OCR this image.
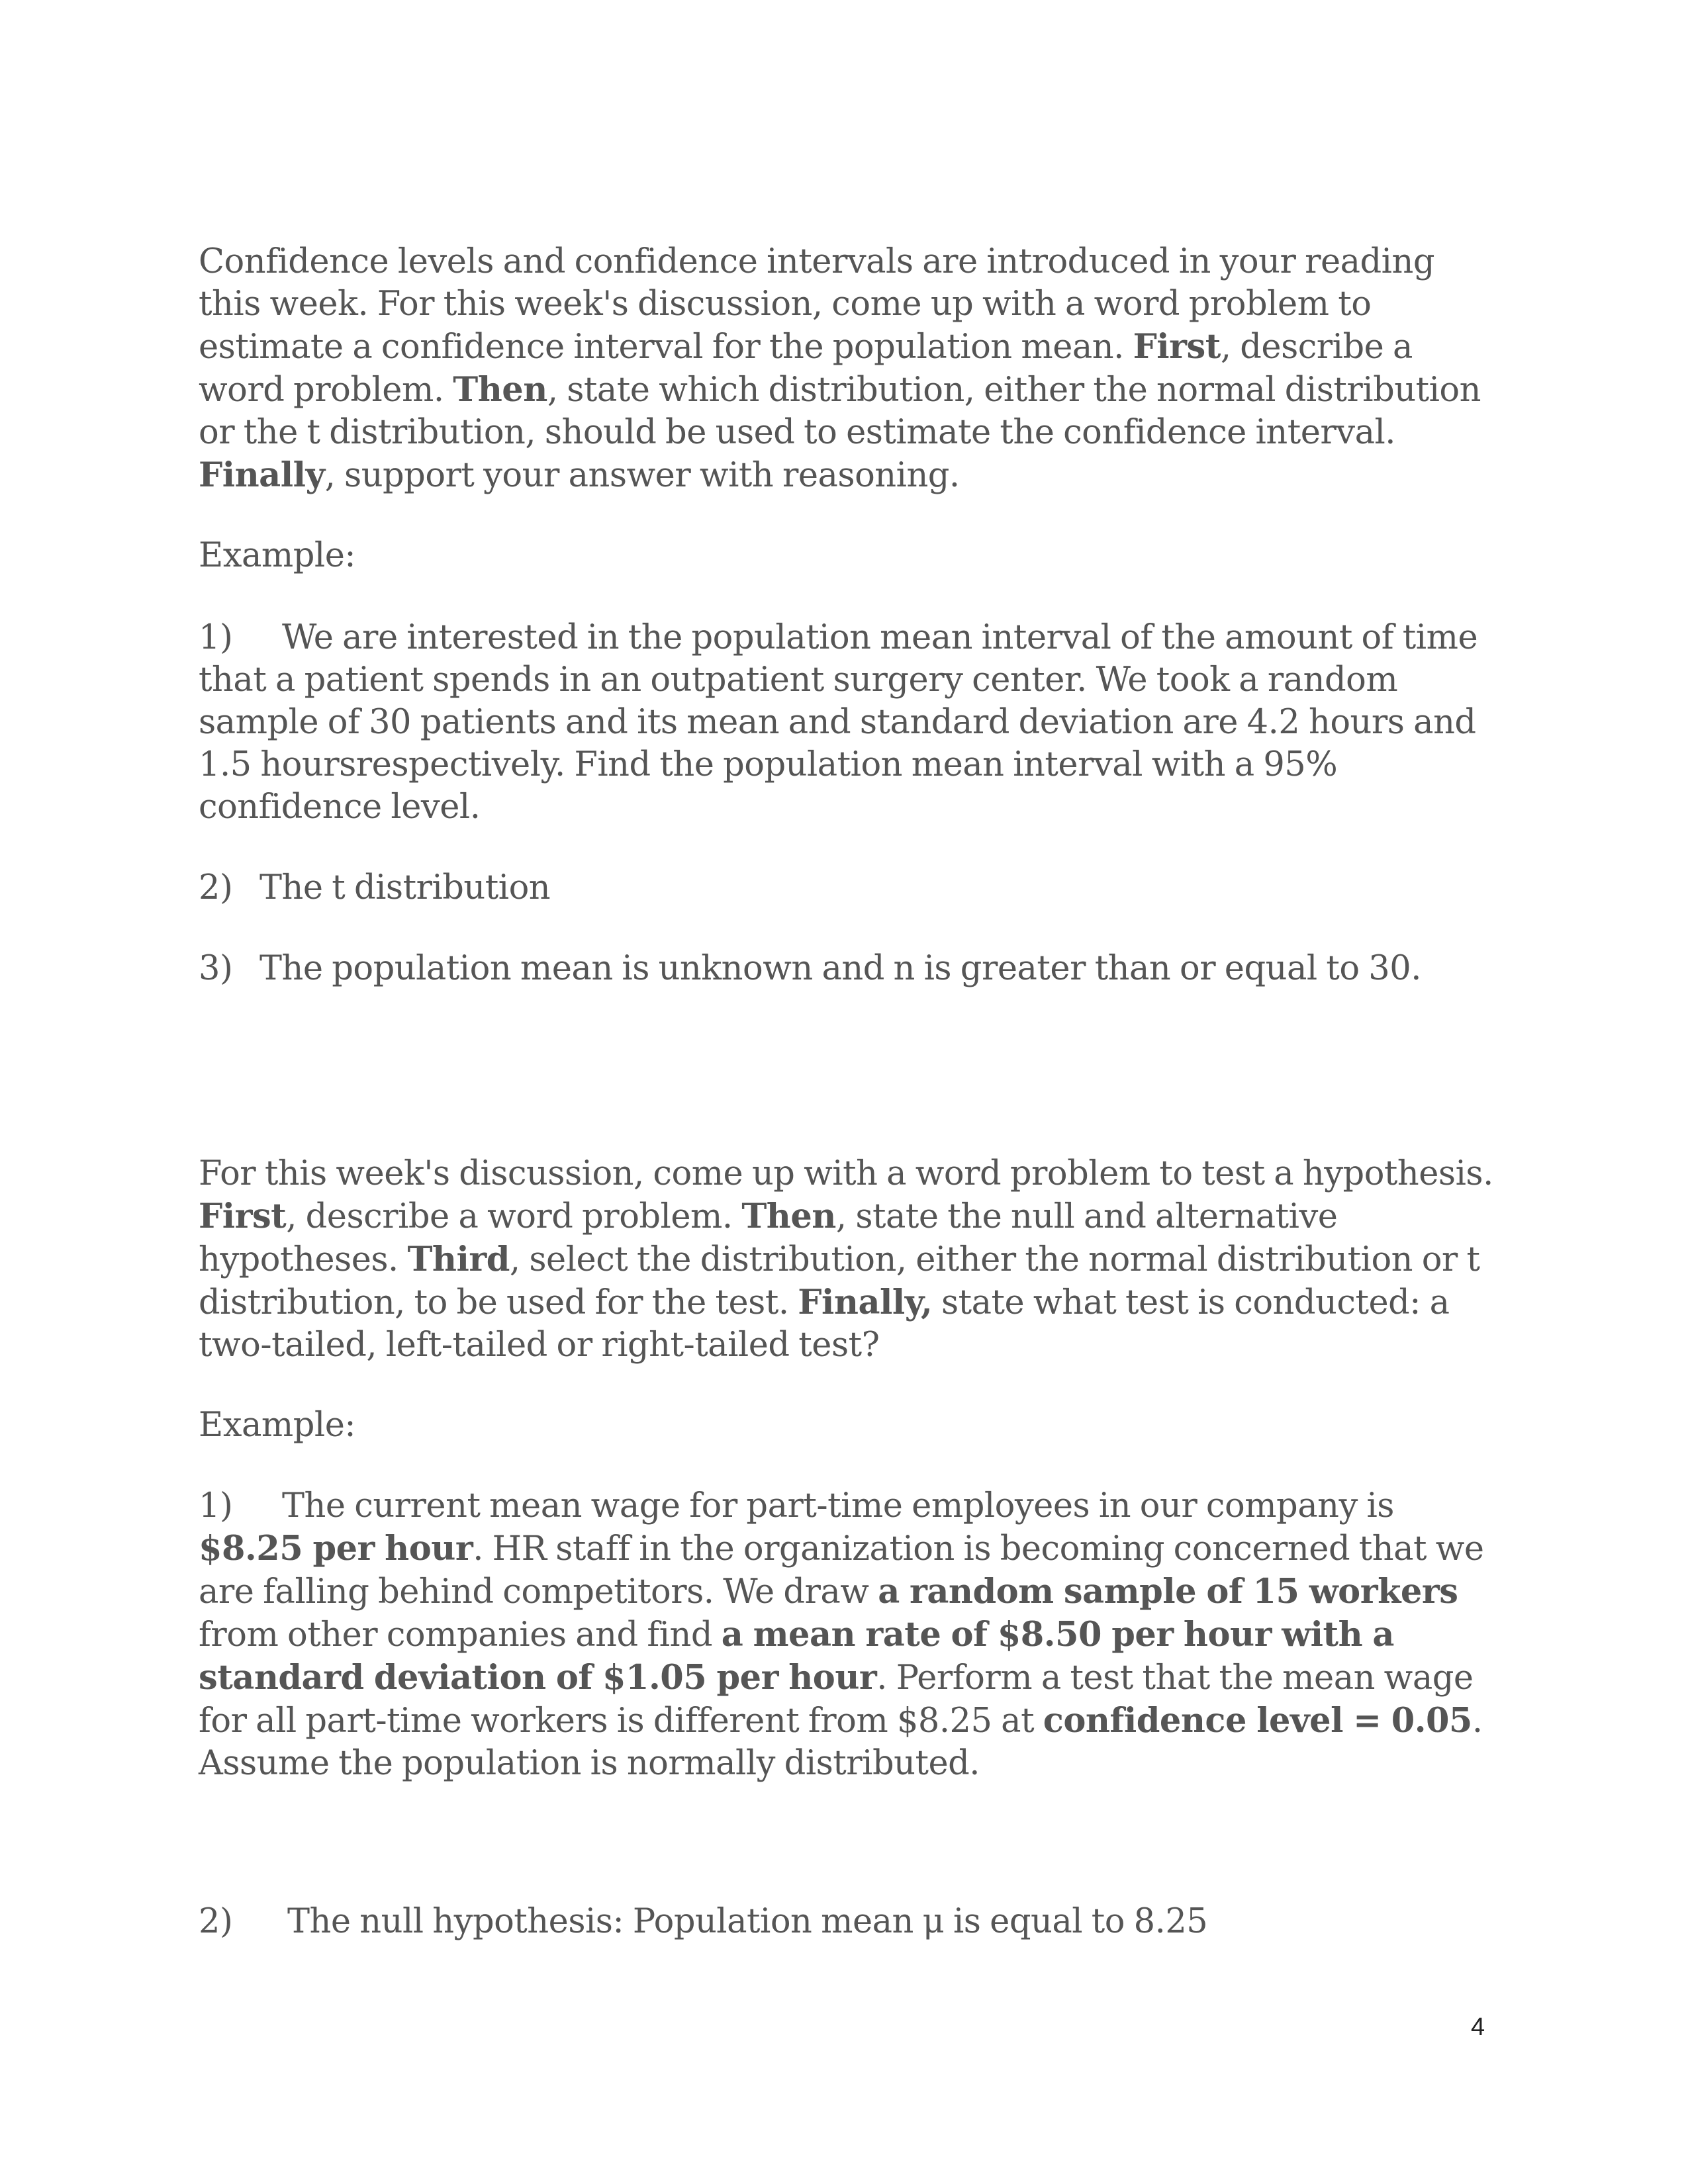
Confidence levels and confidence intervals are introduced in your reading this week. For this week's discussion, come up with a word problem to estimate a confidence interval for the population mean. First, describe a word problem. Then, state which distribution, either the normal distribution or the t distribution, should be used to estimate the confidence interval. Finally, support your answer with reasoning.
Example:
1) We are interested in the population mean interval of the amount of time that a patient spends in an outpatient surgery center. We took a random sample of 30 patients and its mean and standard deviation are 4.2 hours and 1.5 hoursrespectively. Find the population mean interval with a 95% confidence level.
2) The t distribution
3) The population mean is unknown and n is greater than or equal to 30.
For this week's discussion, come up with a word problem to test a hypothesis. First, describe a word problem. Then, state the null and alternative hypotheses. Third, select the distribution, either the normal distribution or t distribution, to be used for the test. Finally, state what test is conducted: a two-tailed, left-tailed or right-tailed test?
Example:
1) The current mean wage for part-time employees in our company is $8.25 per hour. HR staff in the organization is becoming concerned that we are falling behind competitors. We draw a random sample of 15 workers from other companies and find a mean rate of $8.50 per hour with a standard deviation of $1.05 per hour. Perform a test that the mean wage for all part-time workers is different from $8.25 at confidence level = 0.05. Assume the population is normally distributed.
2) The null hypothesis: Population mean μ is equal to 8.25
4
